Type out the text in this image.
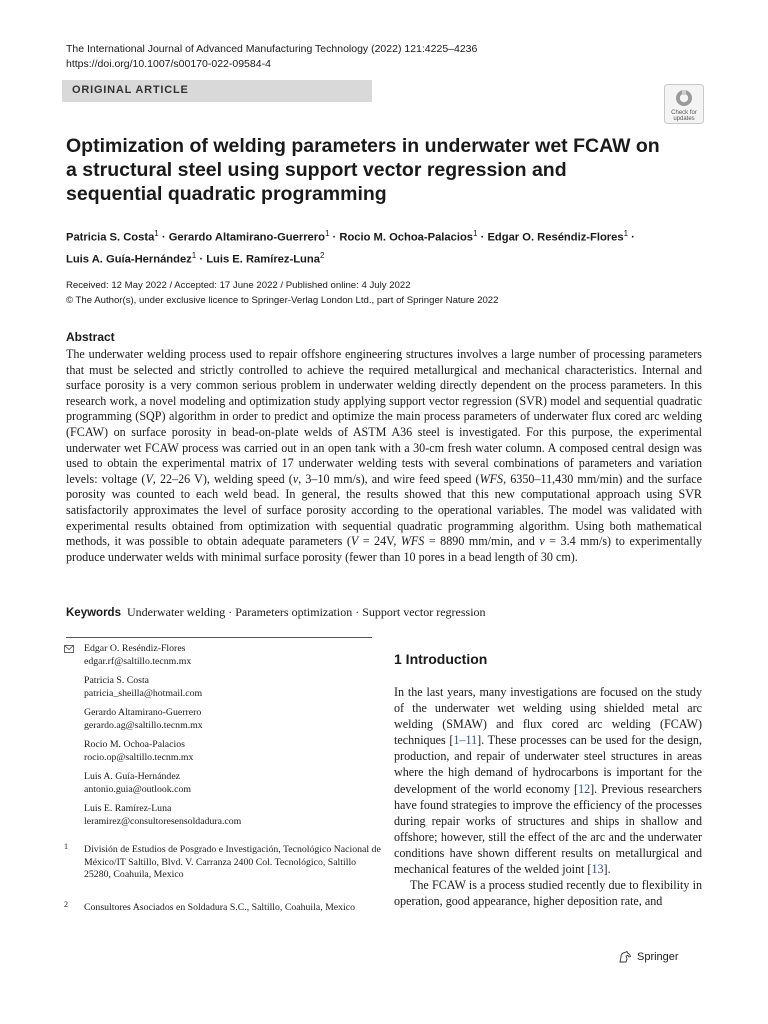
The International Journal of Advanced Manufacturing Technology (2022) 121:4225–4236
https://doi.org/10.1007/s00170-022-09584-4
ORIGINAL ARTICLE
Check for
updates
Optimization of welding parameters in underwater wet FCAW on a structural steel using support vector regression and sequential quadratic programming
Patricia S. Costa$^1$ · Gerardo Altamirano-Guerrero$^1$ · Rocio M. Ochoa-Palacios$^1$ · Edgar O. Reséndiz-Flores$^1$ ·
Luis A. Guía-Hernández$^1$ · Luis E. Ramírez-Luna$^2$
Received: 12 May 2022 / Accepted: 17 June 2022 / Published online: 4 July 2022
© The Author(s), under exclusive licence to Springer-Verlag London Ltd., part of Springer Nature 2022
Abstract
The underwater welding process used to repair offshore engineering structures involves a large number of processing parameters that must be selected and strictly controlled to achieve the required metallurgical and mechanical characteristics. Internal and surface porosity is a very common serious problem in underwater welding directly dependent on the process parameters. In this research work, a novel modeling and optimization study applying support vector regression (SVR) model and sequential quadratic programming (SQP) algorithm in order to predict and optimize the main process parameters of underwater flux cored arc welding (FCAW) on surface porosity in bead-on-plate welds of ASTM A36 steel is investigated. For this purpose, the experimental underwater wet FCAW process was carried out in an open tank with a 30-cm fresh water column. A composed central design was used to obtain the experimental matrix of 17 underwater welding tests with several combinations of parameters and variation levels: voltage (V, 22–26 V), welding speed (v, 3–10 mm/s), and wire feed speed (WFS, 6350–11,430 mm/min) and the surface porosity was counted to each weld bead. In general, the results showed that this new computational approach using SVR satisfactorily approximates the level of surface porosity according to the operational variables. The model was validated with experimental results obtained from optimization with sequential quadratic programming algorithm. Using both mathematical methods, it was possible to obtain adequate parameters (V = 24V, WFS = 8890 mm/min, and v = 3.4 mm/s) to experimentally produce underwater welds with minimal surface porosity (fewer than 10 pores in a bead length of 30 cm).
Keywords Underwater welding · Parameters optimization · Support vector regression
Edgar O. Reséndiz-Flores
edgar.rf@saltillo.tecnm.mx
Patricia S. Costa
patricia_sheilla@hotmail.com
Gerardo Altamirano-Guerrero
gerardo.ag@saltillo.tecnm.mx
Rocio M. Ochoa-Palacios
rocio.op@saltillo.tecnm.mx
Luis A. Guía-Hernández
antonio.guia@outlook.com
Luis E. Ramírez-Luna
leramirez@consultoresensoldadura.com
1 División de Estudios de Posgrado e Investigación, Tecnológico Nacional de México/IT Saltillo, Blvd. V. Carranza 2400 Col. Tecnológico, Saltillo 25280, Coahuila, Mexico
2 Consultores Asociados en Soldadura S.C., Saltillo, Coahuila, Mexico
1 Introduction

In the last years, many investigations are focused on the study of the underwater wet welding using shielded metal arc welding (SMAW) and flux cored arc welding (FCAW) techniques [1–11]. These processes can be used for the design, production, and repair of underwater steel structures in areas where the high demand of hydrocarbons is important for the development of the world economy [12]. Previous researchers have found strategies to improve the efficiency of the processes during repair works of structures and ships in shallow and offshore; however, still the effect of the arc and the underwater conditions have shown different results on metallurgical and mechanical features of the welded joint [13].

The FCAW is a process studied recently due to flexibility in operation, good appearance, higher deposition rate, and

Springer
